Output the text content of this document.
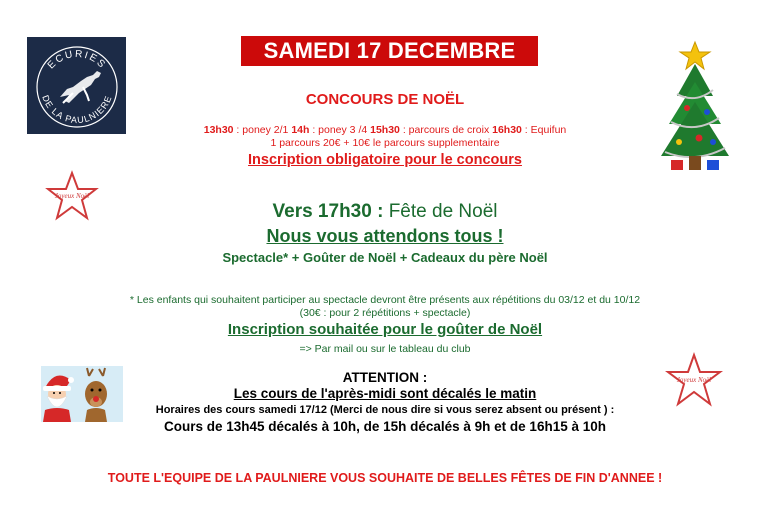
SAMEDI 17 DECEMBRE
ECURIES
DE LA PAULNIERE
Joyeux Noël
Joyeux Noël
CONCOURS DE NOËL
13h30 : poney 2/1 14h : poney 3 /4 15h30 : parcours de croix 16h30 : Equifun
1 parcours 20€ + 10€ le parcours supplementaire
Inscription obligatoire pour le concours
Vers 17h30 : Fête de Noël
Nous vous attendons tous !
Spectacle* + Goûter de Noël + Cadeaux du père Noël
* Les enfants qui souhaitent participer au spectacle devront être présents aux répétitions du 03/12 et du 10/12
(30€ : pour 2 répétitions + spectacle)
Inscription souhaitée pour le goûter de Noël
=> Par mail ou sur le tableau du club
ATTENTION :
Les cours de l'après-midi sont décalés le matin
Horaires des cours samedi 17/12 (Merci de nous dire si vous serez absent ou présent ) :
Cours de 13h45 décalés à 10h, de 15h décalés à 9h et de 16h15 à 10h
TOUTE L'EQUIPE DE LA PAULNIERE VOUS SOUHAITE DE BELLES FÊTES DE FIN D'ANNEE !
